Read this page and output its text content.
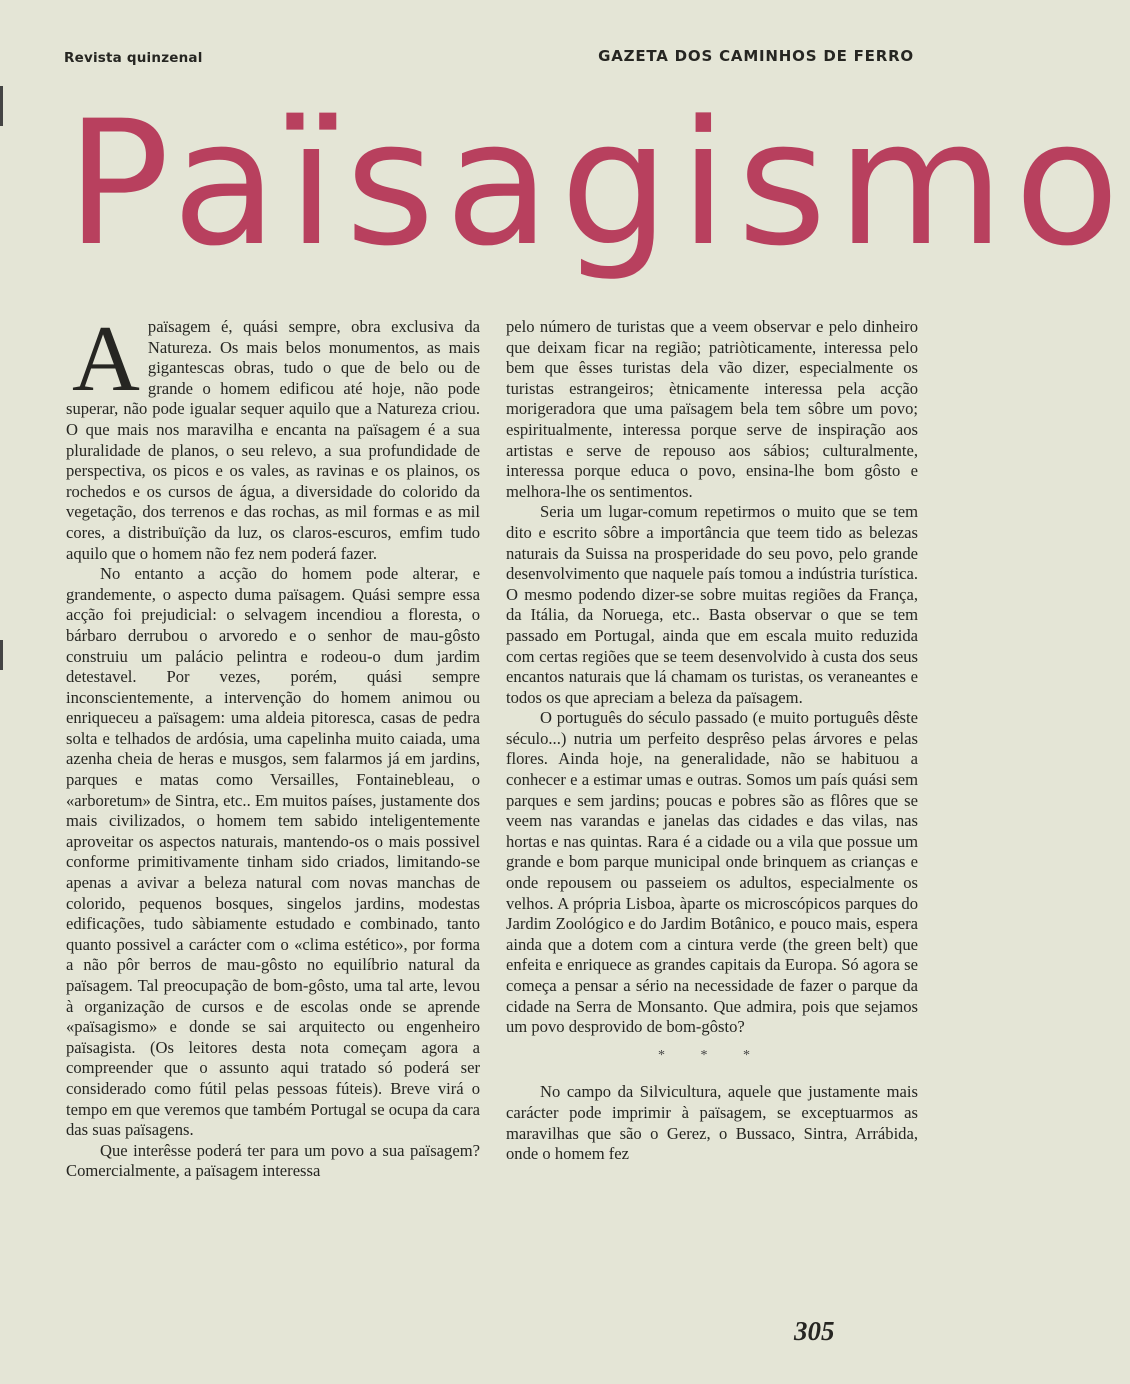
Revista quinzenal	GAZETA DOS CAMINHOS DE FERRO
Païsagismo
A païsagem é, quási sempre, obra exclusiva da Natureza. Os mais belos monumentos, as mais gigantescas obras, tudo o que de belo ou de grande o homem edificou até hoje, não pode superar, não pode igualar sequer aquilo que a Natureza criou. O que mais nos maravilha e encanta na païsagem é a sua pluralidade de planos, o seu relevo, a sua profundidade de perspectiva, os picos e os vales, as ravinas e os plainos, os rochedos e os cursos de água, a diversidade do colorido da vegetação, dos terrenos e das rochas, as mil formas e as mil cores, a distribuïção da luz, os claros-escuros, emfim tudo aquilo que o homem não fez nem poderá fazer.

No entanto a acção do homem pode alterar, e grandemente, o aspecto duma païsagem. Quási sempre essa acção foi prejudicial: o selvagem incendiou a floresta, o bárbaro derrubou o arvoredo e o senhor de mau-gôsto construiu um palácio pelintra e rodeou-o dum jardim detestavel. Por vezes, porém, quási sempre inconscientemente, a intervenção do homem animou ou enriqueceu a païsagem: uma aldeia pitoresca, casas de pedra solta e telhados de ardósia, uma capelinha muito caiada, uma azenha cheia de heras e musgos, sem falarmos já em jardins, parques e matas como Versailles, Fontainebleau, o «arboretum» de Sintra, etc.. Em muitos países, justamente dos mais civilizados, o homem tem sabido inteligentemente aproveitar os aspectos naturais, mantendo-os o mais possivel conforme primitivamente tinham sido criados, limitando-se apenas a avivar a beleza natural com novas manchas de colorido, pequenos bosques, singelos jardins, modestas edificações, tudo sàbiamente estudado e combinado, tanto quanto possivel a carácter com o «clima estético», por forma a não pôr berros de mau-gôsto no equilíbrio natural da païsagem. Tal preocupação de bom-gôsto, uma tal arte, levou à organização de cursos e de escolas onde se aprende «païsagismo» e donde se sai arquitecto ou engenheiro païsagista. (Os leitores desta nota começam agora a compreender que o assunto aqui tratado só poderá ser considerado como fútil pelas pessoas fúteis). Breve virá o tempo em que veremos que também Portugal se ocupa da cara das suas païsagens.

Que interêsse poderá ter para um povo a sua païsagem? Comercialmente, a païsagem interessa

pelo número de turistas que a veem observar e pelo dinheiro que deixam ficar na região; patriòticamente, interessa pelo bem que êsses turistas dela vão dizer, especialmente os turistas estrangeiros; ètnicamente interessa pela acção morigeradora que uma païsagem bela tem sôbre um povo; espiritualmente, interessa porque serve de inspiração aos artistas e serve de repouso aos sábios; culturalmente, interessa porque educa o povo, ensina-lhe bom gôsto e melhora-lhe os sentimentos.

Seria um lugar-comum repetirmos o muito que se tem dito e escrito sôbre a importância que teem tido as belezas naturais da Suissa na prosperidade do seu povo, pelo grande desenvolvimento que naquele país tomou a indústria turística. O mesmo podendo dizer-se sobre muitas regiões da França, da Itália, da Noruega, etc.. Basta observar o que se tem passado em Portugal, ainda que em escala muito reduzida com certas regiões que se teem desenvolvido à custa dos seus encantos naturais que lá chamam os turistas, os veraneantes e todos os que apreciam a beleza da païsagem.

O português do século passado (e muito português dêste século...) nutria um perfeito desprêso pelas árvores e pelas flores. Ainda hoje, na generalidade, não se habituou a conhecer e a estimar umas e outras. Somos um país quási sem parques e sem jardins; poucas e pobres são as flôres que se veem nas varandas e janelas das cidades e das vilas, nas hortas e nas quintas. Rara é a cidade ou a vila que possue um grande e bom parque municipal onde brinquem as crianças e onde repousem ou passeiem os adultos, especialmente os velhos. A própria Lisboa, àparte os microscópicos parques do Jardim Zoológico e do Jardim Botânico, e pouco mais, espera ainda que a dotem com a cintura verde (the green belt) que enfeita e enriquece as grandes capitais da Europa. Só agora se começa a pensar a sério na necessidade de fazer o parque da cidade na Serra de Monsanto. Que admira, pois que sejamos um povo desprovido de bom-gôsto?

* * *

No campo da Silvicultura, aquele que justamente mais carácter pode imprimir à païsagem, se exceptuarmos as maravilhas que são o Gerez, o Bussaco, Sintra, Arrábida, onde o homem fez

305
